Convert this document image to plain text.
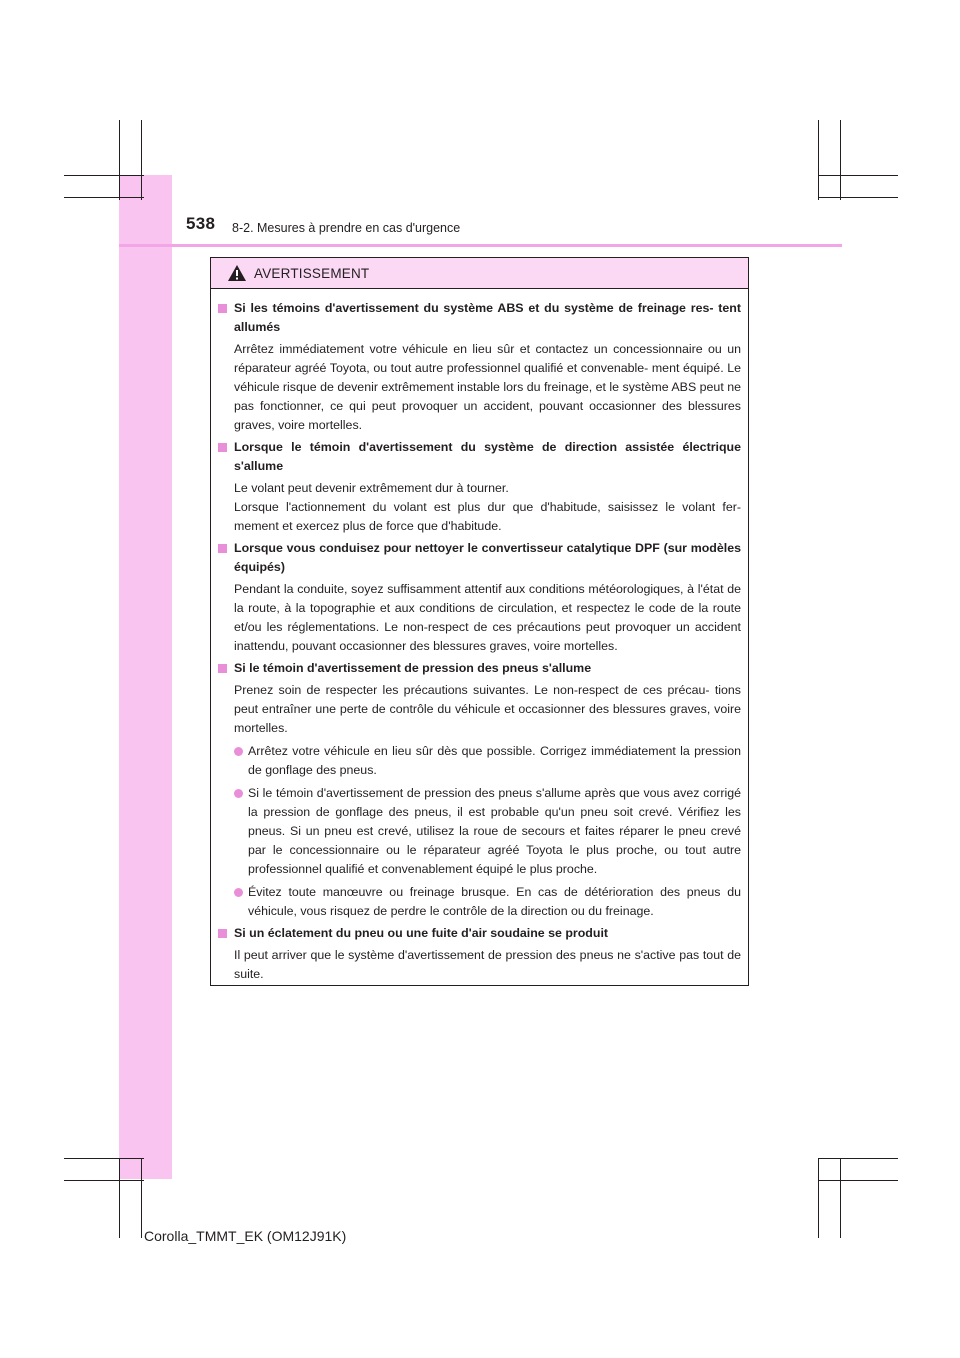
538 8-2. Mesures à prendre en cas d'urgence
AVERTISSEMENT
Si les témoins d'avertissement du système ABS et du système de freinage res- tent allumés
Arrêtez immédiatement votre véhicule en lieu sûr et contactez un concessionnaire ou un réparateur agréé Toyota, ou tout autre professionnel qualifié et convenable- ment équipé. Le véhicule risque de devenir extrêmement instable lors du freinage, et le système ABS peut ne pas fonctionner, ce qui peut provoquer un accident, pouvant occasionner des blessures graves, voire mortelles.
Lorsque le témoin d'avertissement du système de direction assistée électrique s'allume
Le volant peut devenir extrêmement dur à tourner.
Lorsque l'actionnement du volant est plus dur que d'habitude, saisissez le volant fer- mement et exercez plus de force que d'habitude.
Lorsque vous conduisez pour nettoyer le convertisseur catalytique DPF (sur modèles équipés)
Pendant la conduite, soyez suffisamment attentif aux conditions météorologiques, à l'état de la route, à la topographie et aux conditions de circulation, et respectez le code de la route et/ou les réglementations. Le non-respect de ces précautions peut provoquer un accident inattendu, pouvant occasionner des blessures graves, voire mortelles.
Si le témoin d'avertissement de pression des pneus s'allume
Prenez soin de respecter les précautions suivantes. Le non-respect de ces précau- tions peut entraîner une perte de contrôle du véhicule et occasionner des blessures graves, voire mortelles.
Arrêtez votre véhicule en lieu sûr dès que possible. Corrigez immédiatement la pression de gonflage des pneus.
Si le témoin d'avertissement de pression des pneus s'allume après que vous avez corrigé la pression de gonflage des pneus, il est probable qu'un pneu soit crevé. Vérifiez les pneus. Si un pneu est crevé, utilisez la roue de secours et faites réparer le pneu crevé par le concessionnaire ou le réparateur agréé Toyota le plus proche, ou tout autre professionnel qualifié et convenablement équipé le plus proche.
Évitez toute manœuvre ou freinage brusque. En cas de détérioration des pneus du véhicule, vous risquez de perdre le contrôle de la direction ou du freinage.
Si un éclatement du pneu ou une fuite d'air soudaine se produit
Il peut arriver que le système d'avertissement de pression des pneus ne s'active pas tout de suite.
Corolla_TMMT_EK (OM12J91K)
